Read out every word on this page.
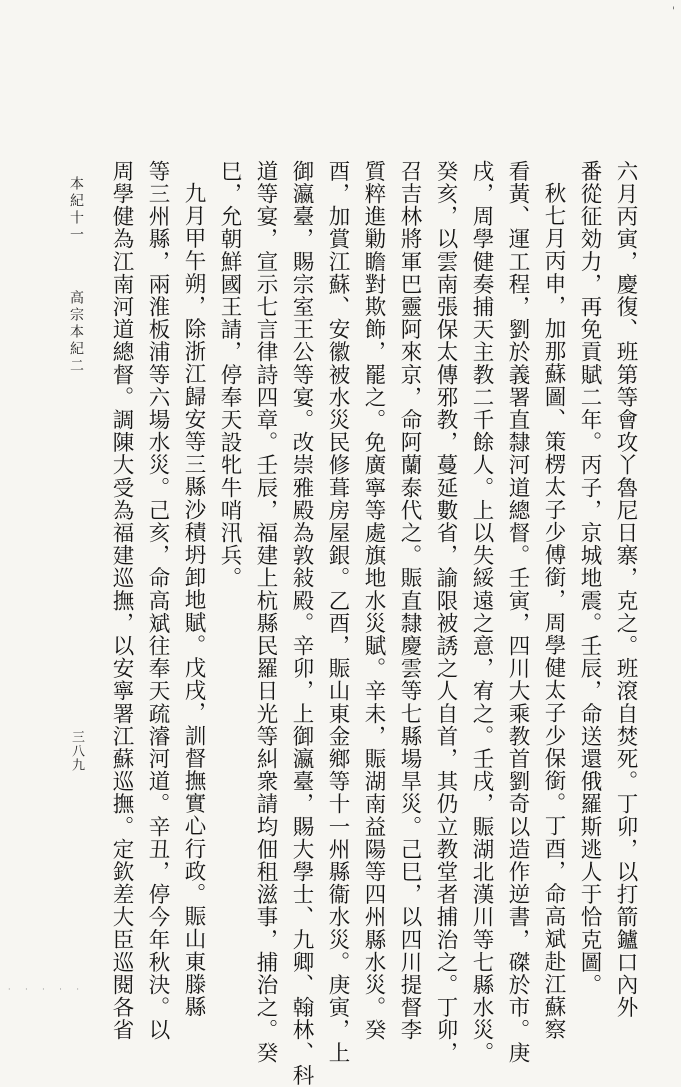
'
六月丙寅，慶復、班第等會攻丫魯尼日寨，克之。班滾自焚死。丁卯，以打箭鑪口內外
番從征効力，再免貢賦二年。丙子，京城地震。壬辰，命送還俄羅斯逃人于恰克圖。
秋七月丙申，加那蘇圖、策楞太子少傅銜，周學健太子少保銜。丁酉，命高斌赴江蘇察
看黃、運工程，劉於義署直隸河道總督。壬寅，四川大乘教首劉奇以造作逆書，磔於市。庚
戌，周學健奏捕天主教二千餘人。上以失綏遠之意，宥之。壬戌，賑湖北漢川等七縣水災。
癸亥，以雲南張保太傳邪教，蔓延數省，諭限被誘之人自首，其仍立教堂者捕治之。丁卯，
召吉林將軍巴靈阿來京，命阿蘭泰代之。賑直隸慶雲等七縣場旱災。己巳，以四川提督李
質粹進勦瞻對欺飾，罷之。免廣寧等處旗地水災賦。辛未，賑湖南益陽等四州縣水災。癸
酉，加賞江蘇、安徽被水災民修葺房屋銀。乙酉，賑山東金鄉等十一州縣衞水災。庚寅，上
御瀛臺，賜宗室王公等宴。改崇雅殿為敦敍殿。辛卯，上御瀛臺，賜大學士、九卿、翰林、科
道等宴，宣示七言律詩四章。壬辰，福建上杭縣民羅日光等糾衆請均佃租滋事，捕治之。癸
巳，允朝鮮國王請，停奉天設牝牛哨汛兵。
九月甲午朔，除浙江歸安等三縣沙積坍卸地賦。戊戌，訓督撫實心行政。賑山東滕縣
等三州縣，兩淮板浦等六場水災。己亥，命高斌往奉天疏濬河道。辛丑，停今年秋決。以
周學健為江南河道總督。調陳大受為福建巡撫，以安寧署江蘇巡撫。定欽差大臣巡閱各省
本紀十一
高宗本紀二
三八九
· · · · ·
